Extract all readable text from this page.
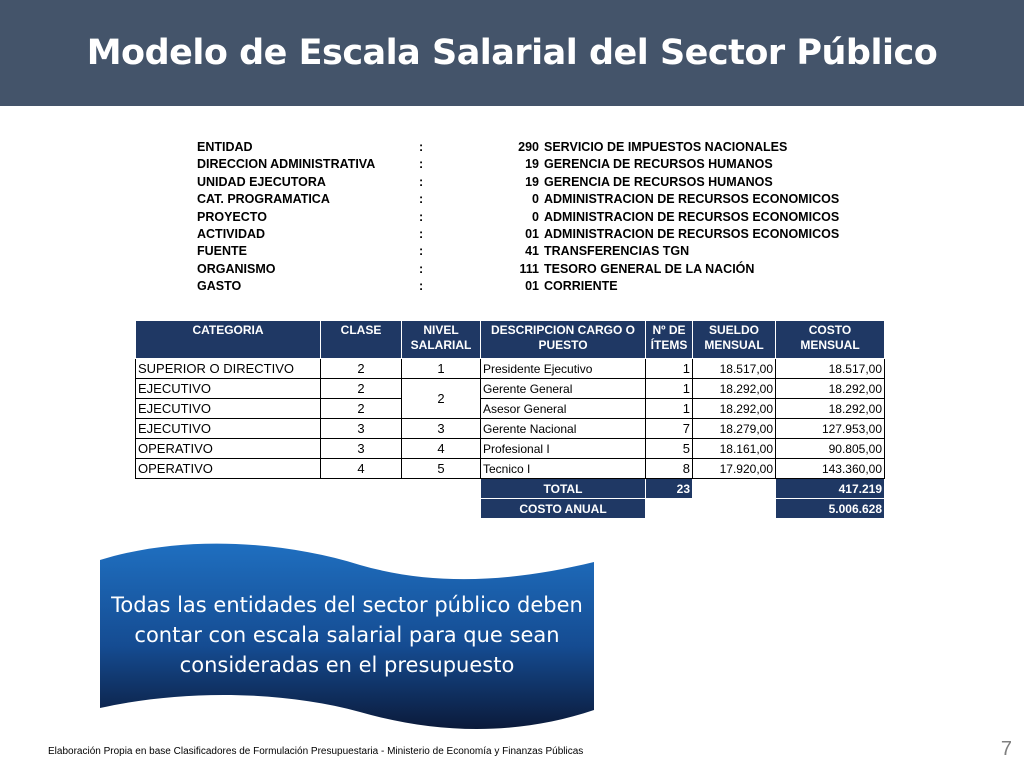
Modelo de Escala Salarial del Sector Público
ENTIDAD	:	290 SERVICIO DE IMPUESTOS NACIONALES
DIRECCION ADMINISTRATIVA	:	19 GERENCIA DE RECURSOS HUMANOS
UNIDAD EJECUTORA	:	19 GERENCIA DE RECURSOS HUMANOS
CAT. PROGRAMATICA	:	0 ADMINISTRACION DE RECURSOS ECONOMICOS
PROYECTO	:	0 ADMINISTRACION DE RECURSOS ECONOMICOS
ACTIVIDAD	:	01 ADMINISTRACION DE RECURSOS ECONOMICOS
FUENTE	:	41 TRANSFERENCIAS TGN
ORGANISMO	:	111 TESORO GENERAL DE LA NACIÓN
GASTO	:	01 CORRIENTE
CATEGORIA	CLASE	NIVEL SALARIAL	DESCRIPCION CARGO O PUESTO	Nº DE ÍTEMS	SUELDO MENSUAL	COSTO MENSUAL
SUPERIOR O DIRECTIVO	2	1	Presidente Ejecutivo	1	18.517,00	18.517,00
EJECUTIVO	2	2	Gerente General	1	18.292,00	18.292,00
EJECUTIVO	2		Asesor General	1	18.292,00	18.292,00
EJECUTIVO	3	3	Gerente Nacional	7	18.279,00	127.953,00
OPERATIVO	3	4	Profesional I	5	18.161,00	90.805,00
OPERATIVO	4	5	Tecnico I	8	17.920,00	143.360,00
			TOTAL	23		417.219
			COSTO ANUAL			5.006.628
Todas las entidades del sector público deben contar con escala salarial para que sean consideradas en el presupuesto
Elaboración Propia en base Clasificadores de Formulación Presupuestaria - Ministerio de Economía y Finanzas Públicas	7
